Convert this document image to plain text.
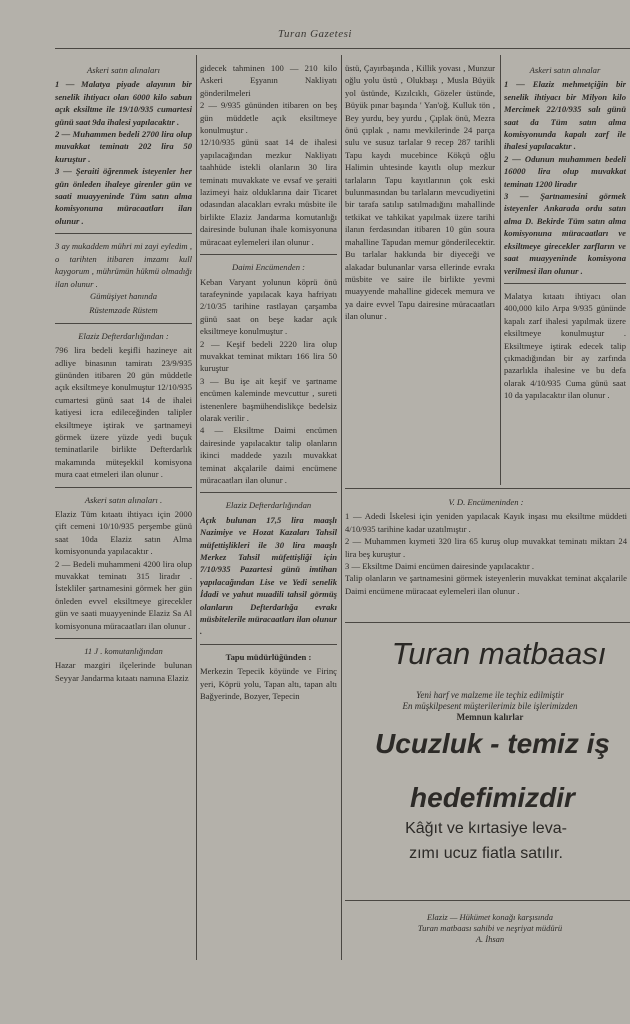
Turan Gazetesi

Askeri satın alınaları

1 — Malatya piyade alayının bir senelik ihtiyacı olan 6000 kilo sabun açık eksiltme ile 19/10/935 cumartesi günü saat 9da ihalesi yapılacaktır .

2 — Muhammen bedeli 2700 lira olup muvakkat teminatı 202 lira 50 kuruştur .

3 — Şeraiti öğrenmek isteyenler her gün önleden ihaleye girenler gün ve saati muayyeninde Tüm satın alma komisyonuna müracaatları ilan olunur .

3 ay mukaddem mühri mi zayi eyledim , o tarihten itibaren imzamı kull kaygorum , mührümün hükmü olmadığı ilan olunur .

Gümüşiyet hanında

Rüstemzade Rüstem

Elaziz Defterdarlığından :

796 lira bedeli keşifli hazineye ait adliye binasının tamiratı 23/9/935 gününden itibaren 20 gün müddetle açık eksiltmeye konulmuştur 12/10/935 cumartesi günü saat 14 de ihalei katiyesi icra edileceğinden talipler eksiltmeye iştirak ve şartnameyi görmek üzere yüzde yedi buçuk teminatlarile birlikte Defterdarlık makamında müteşekkil komisyona mura caat etmeleri ilan olunur .

Askeri satın alınaları .

Elaziz Tüm kıtaatı ihtiyacı için 2000 çift cemeni 10/10/935 perşembe günü saat 10da Elaziz satın Alma komisyonunda yapılacaktır .

2 — Bedeli muhammeni 4200 lira olup muvakkat teminatı 315 liradır . İstekliler şartnamesini görmek her gün önleden evvel eksiltmeye girecekler gün ve saati muayyeninde Elaziz Sa Al komisyonuna müracaatları ilan olunur .

11 J . komutanlığından

Hazar mazgiri ilçelerinde bulunan Seyyar Jandarma kıtaatı namına Elaziz

gidecek tahminen 100 — 210 kilo Askeri Eşyanın Nakliyatı gönderilmeleri

2 — 9/935 gününden itibaren on beş gün müddetle açık eksiltmeye konulmuştur .

12/10/935 günü saat 14 de ihalesi yapılacağından mezkur Nakliyatı taahhüde istekli olanların 30 lira teminatı muvakkate ve evsaf ve şeraiti lazimeyi haiz olduklarına dair Ticaret odasından alacakları evrakı müsbite ile birlikte Elaziz Jandarma komutanlığı dairesinde bulunan ihale komisyonuna müracaat eylemeleri ilan olunur .

Daimi Encümenden :

Keban Varyant yolunun köprü önü tarafeyninde yapılacak kaya hafriyatı 2/10/35 tarihine rastlayan çarşamba günü saat on beşe kadar açık eksiltmeye konulmuştur .

2 — Keşif bedeli 2220 lira olup muvakkat teminat miktarı 166 lira 50 kuruştur

3 — Bu işe ait keşif ve şartname encümen kaleminde mevcuttur , sureti istenenlere başmühendislikçe bedelsiz olarak verilir .

4 — Eksiltme Daimi encümen dairesinde yapılacaktır talip olanların ikinci maddede yazılı muvakkat teminat akçalarile daimi encümene müracaatları ilan olunur .

Elaziz Defterdarlığından

Açık bulunan 17,5 lira maaşlı Nazimiye ve Hozat Kazaları Tahsil müfettişlikleri ile 30 lira maaşlı Merkez Tahsil müfettişliği için 7/10/935 Pazartesi günü imtihan yapılacağından Lise ve Yedi senelik İdadi ve yahut muadili tahsil görmüş olanların Defterdarlığa evrakı müsbitelerile müracaatları ilan olunur .

Tapu müdürlüğünden :

Merkezin Tepecik köyünde ve Firinç yeri, Köprü yolu, Tapan altı, tapan altı Bağyerinde, Bozyer, Tepecin

üstü, Çayırbaşında , Killik yovası , Munzur oğlu yolu üstü , Olukbaşı , Musla Büyük yol üstünde, Kızılcıklı, Gözeler üstünde, Büyük pınar başında ' Yan'oğ. Kulluk tön , Bey yurdu, bey yurdu , Çıplak önü, Mezra önü çıplak , namı mevkilerinde 24 parça sulu ve susuz tarlalar 9 recep 287 tarihli Tapu kaydı mucebince Kökçü oğlu Halimin uhtesinde kayıtlı olup mezkur tarlaların Tapu kayıtlarının çok eski bulunmasından bu tarlaların mevcudiyetini bir tarafa satılıp satılmadığını mahallinde tetkikat ve tahkikat yapılmak üzere tarihi ilanın ferdasından itibaren 10 gün soura mahalline Tapudan memur gönderilecektir. Bu tarlalar hakkında bir diyeceği ve alakadar bulunanlar varsa ellerinde evrakı müsbite ve saire ile birlikte yevmi muayyende mahalline gidecek memura ve ya daire evvel Tapu dairesine müracaatları ilan olunur .

Askeri satın alınalar

1 — Elaziz mehmetçiğin bir senelik ihtiyacı bir Milyon kilo Mercimek 22/10/935 salı günü saat da Tüm satın alma komisyonunda kapalı zarf ile ihalesi yapılacaktır .

2 — Odunun muhammen bedeli 16000 lira olup muvakkat teminatı 1200 liradır

3 — Şartnamesini görmek isteyenler Ankarada ordu satın alma D. Bekirde Tüm satın alma komisyonuna müracaatları ve eksiltmeye girecekler zarfların ve saat muayyeninde komisyona verilmesi ilan olunur .

Malatya kıtaatı ihtiyacı olan 400,000 kilo Arpa 9/935 gününde kapalı zarf ihalesi yapılmak üzere eksiltmeye konulmuştur . Eksiltmeye iştirak edecek talip çıkmadığından bir ay zarfında pazarlıkla ihalesine ve bu defa olarak 4/10/935 Cuma günü saat 10 da yapılacaktır ilan olunur .

V. D. Encümeninden :

1 — Adedi İskelesi için yeniden yapılacak Kayık inşası mu eksiltme müddeti 4/10/935 tarihine kadar uzatılmıştır .

2 — Muhammen kıymeti 320 lira 65 kuruş olup muvakkat teminatı miktarı 24 lira beş kuruştur .

3 — Eksiltme Daimi encümen dairesinde yapılacaktır .

Talip olanların ve şartnamesini görmek isteyenlerin muvakkat teminat akçalarile Daimi encümene müracaat eylemeleri ilan olunur .

Turan matbaası
Yeni harf ve malzeme ile teçhiz edilmiştir
En müşkilpesent müşterilerimiz bile işlerimizden
Memnun kalırlar
Ucuzluk - temiz iş
hedefimizdir
Kâğıt ve kırtasiye leva-
zımı ucuz fiatla satılır.
Elaziz — Hükümet konağı karşısında
Turan matbaası sahibi ve neşriyat müdürü
A. İhsan
